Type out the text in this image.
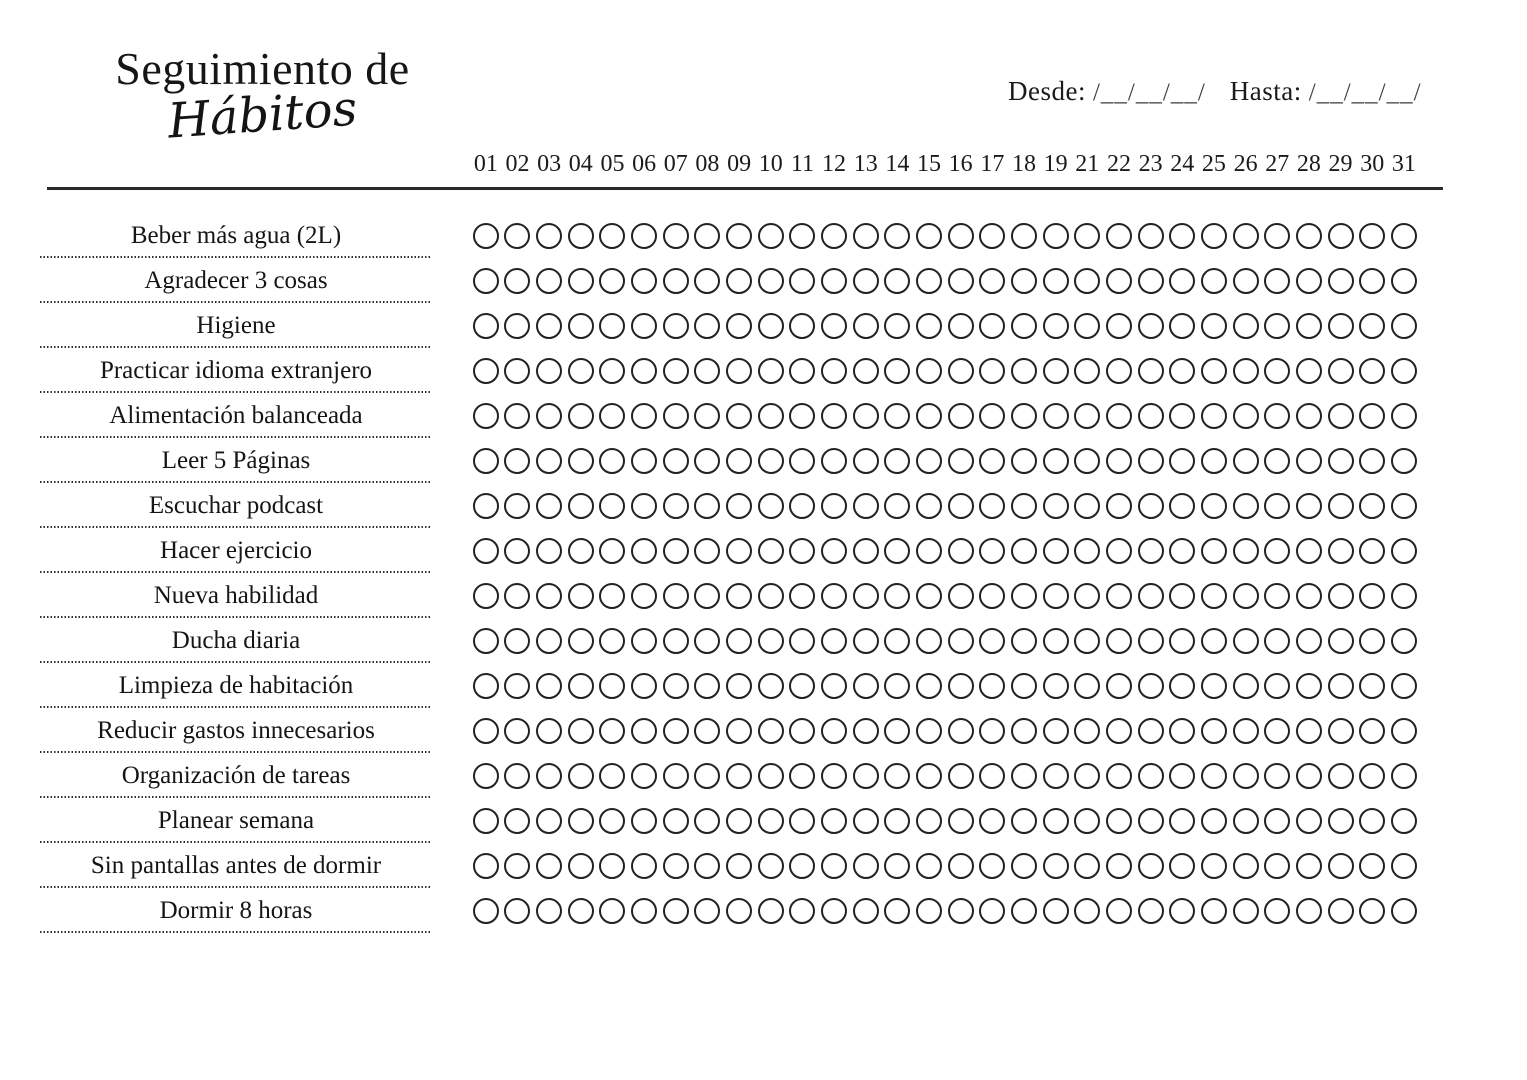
Seguimiento de
Hábitos	Desde: /__/__/__/ Hasta: /__/__/__/
01 02 03 04 05 06 07 08 09 10 11 12 13 14 15 16 17 18 19 21 22 23 24 25 26 27 28 29 30 31
Beber más agua (2L)
Agradecer 3 cosas
Higiene
Practicar idioma extranjero
Alimentación balanceada
Leer 5 Páginas
Escuchar podcast
Hacer ejercicio
Nueva habilidad
Ducha diaria
Limpieza de habitación
Reducir gastos innecesarios
Organización de tareas
Planear semana
Sin pantallas antes de dormir
Dormir 8 horas
